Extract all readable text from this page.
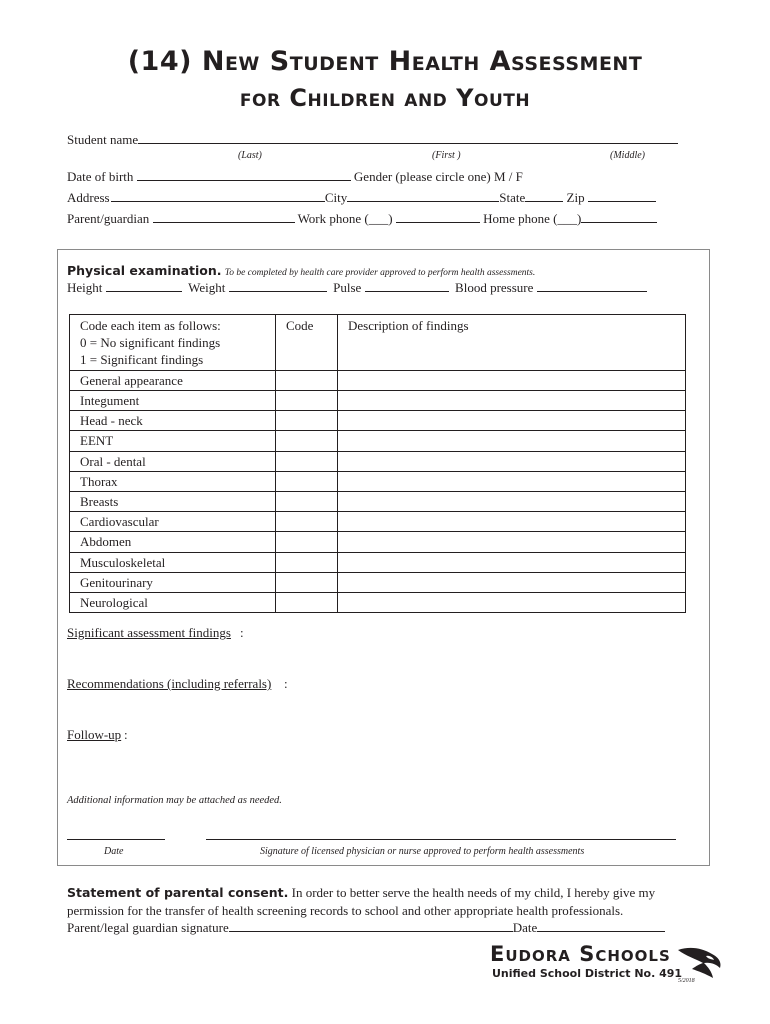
(14) New Student Health Assessment
for Children and Youth
Student name
(Last)	(First )	(Middle)
Date of birth	Gender (please circle one) M / F
Address	City	State	Zip
Parent/guardian	Work phone (___)	Home phone (___)
Physical examination. To be completed by health care provider approved to perform health assessments.
Height	Weight	Pulse	Blood pressure
Code each item as follows:
0 = No significant findings
1 = Significant findings	Code	Description of findings
General appearance		
Integument		
Head - neck		
EENT		
Oral - dental		
Thorax		
Breasts		
Cardiovascular		
Abdomen		
Musculoskeletal		
Genitourinary		
Neurological		
Significant assessment findings :
Recommendations (including referrals) :
Follow-up :
Additional information may be attached as needed.
Date	Signature of licensed physician or nurse approved to perform health assessments
Statement of parental consent. In order to better serve the health needs of my child, I hereby give my
permission for the transfer of health screening records to school and other appropriate health professionals.
Parent/legal guardian signature	Date
Eudora Schools
Unified School District No. 491
5/2018
